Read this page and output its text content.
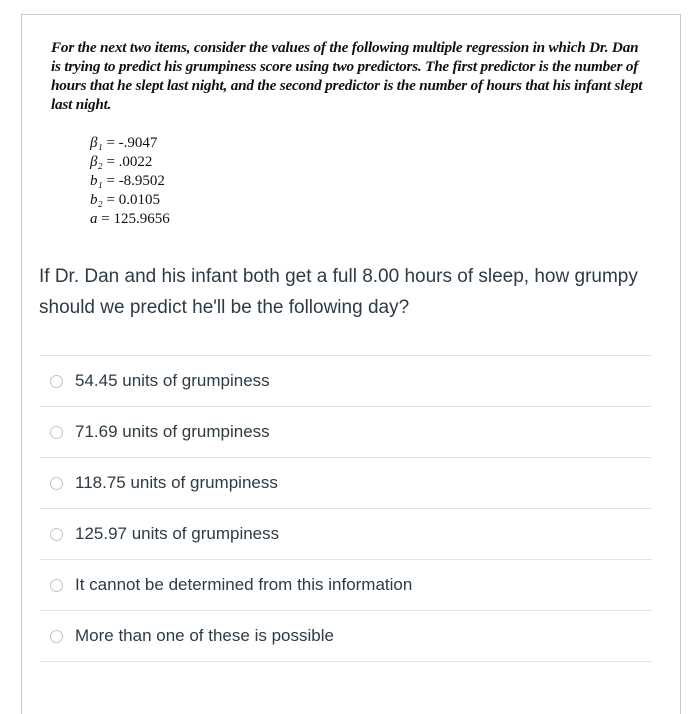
For the next two items, consider the values of the following multiple regression in which Dr. Dan is trying to predict his grumpiness score using two predictors. The first predictor is the number of hours that he slept last night, and the second predictor is the number of hours that his infant slept last night.
β₁ = -.9047
β₂ = .0022
b₁ = -8.9502
b₂ = 0.0105
a = 125.9656
If Dr. Dan and his infant both get a full 8.00 hours of sleep, how grumpy should we predict he'll be the following day?
54.45 units of grumpiness
71.69 units of grumpiness
118.75 units of grumpiness
125.97 units of grumpiness
It cannot be determined from this information
More than one of these is possible
